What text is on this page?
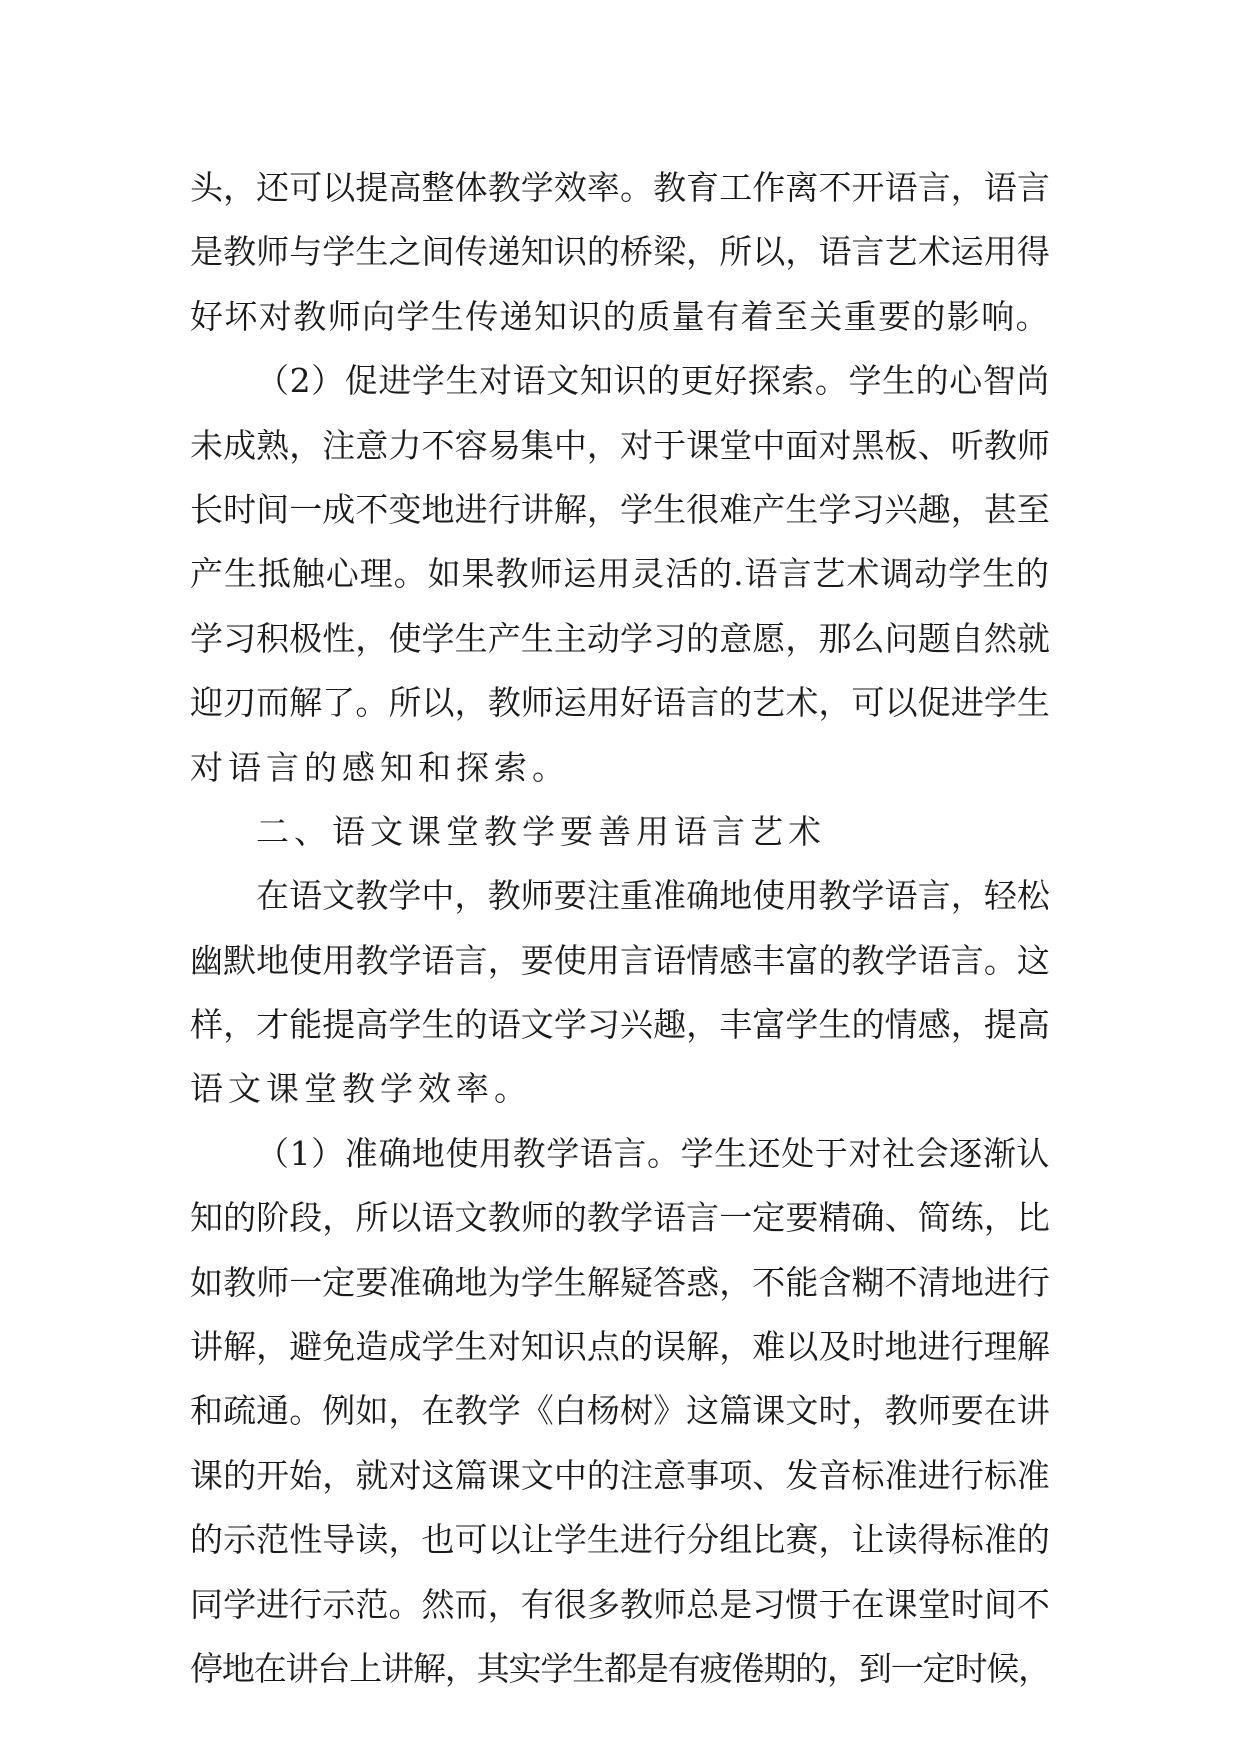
头，还可以提高整体教学效率。教育工作离不开语言，语言
是教师与学生之间传递知识的桥梁，所以，语言艺术运用得
好坏对教师向学生传递知识的质量有着至关重要的影响。
（2）促进学生对语文知识的更好探索。学生的心智尚
未成熟，注意力不容易集中，对于课堂中面对黑板、听教师
长时间一成不变地进行讲解，学生很难产生学习兴趣，甚至
产生抵触心理。如果教师运用灵活的.语言艺术调动学生的
学习积极性，使学生产生主动学习的意愿，那么问题自然就
迎刃而解了。所以，教师运用好语言的艺术，可以促进学生
对语言的感知和探索。
二、语文课堂教学要善用语言艺术
在语文教学中，教师要注重准确地使用教学语言，轻松
幽默地使用教学语言，要使用言语情感丰富的教学语言。这
样，才能提高学生的语文学习兴趣，丰富学生的情感，提高
语文课堂教学效率。
（1）准确地使用教学语言。学生还处于对社会逐渐认
知的阶段，所以语文教师的教学语言一定要精确、简练，比
如教师一定要准确地为学生解疑答惑，不能含糊不清地进行
讲解，避免造成学生对知识点的误解，难以及时地进行理解
和疏通。例如，在教学《白杨树》这篇课文时，教师要在讲
课的开始，就对这篇课文中的注意事项、发音标准进行标准
的示范性导读，也可以让学生进行分组比赛，让读得标准的
同学进行示范。然而，有很多教师总是习惯于在课堂时间不
停地在讲台上讲解，其实学生都是有疲倦期的，到一定时候，
